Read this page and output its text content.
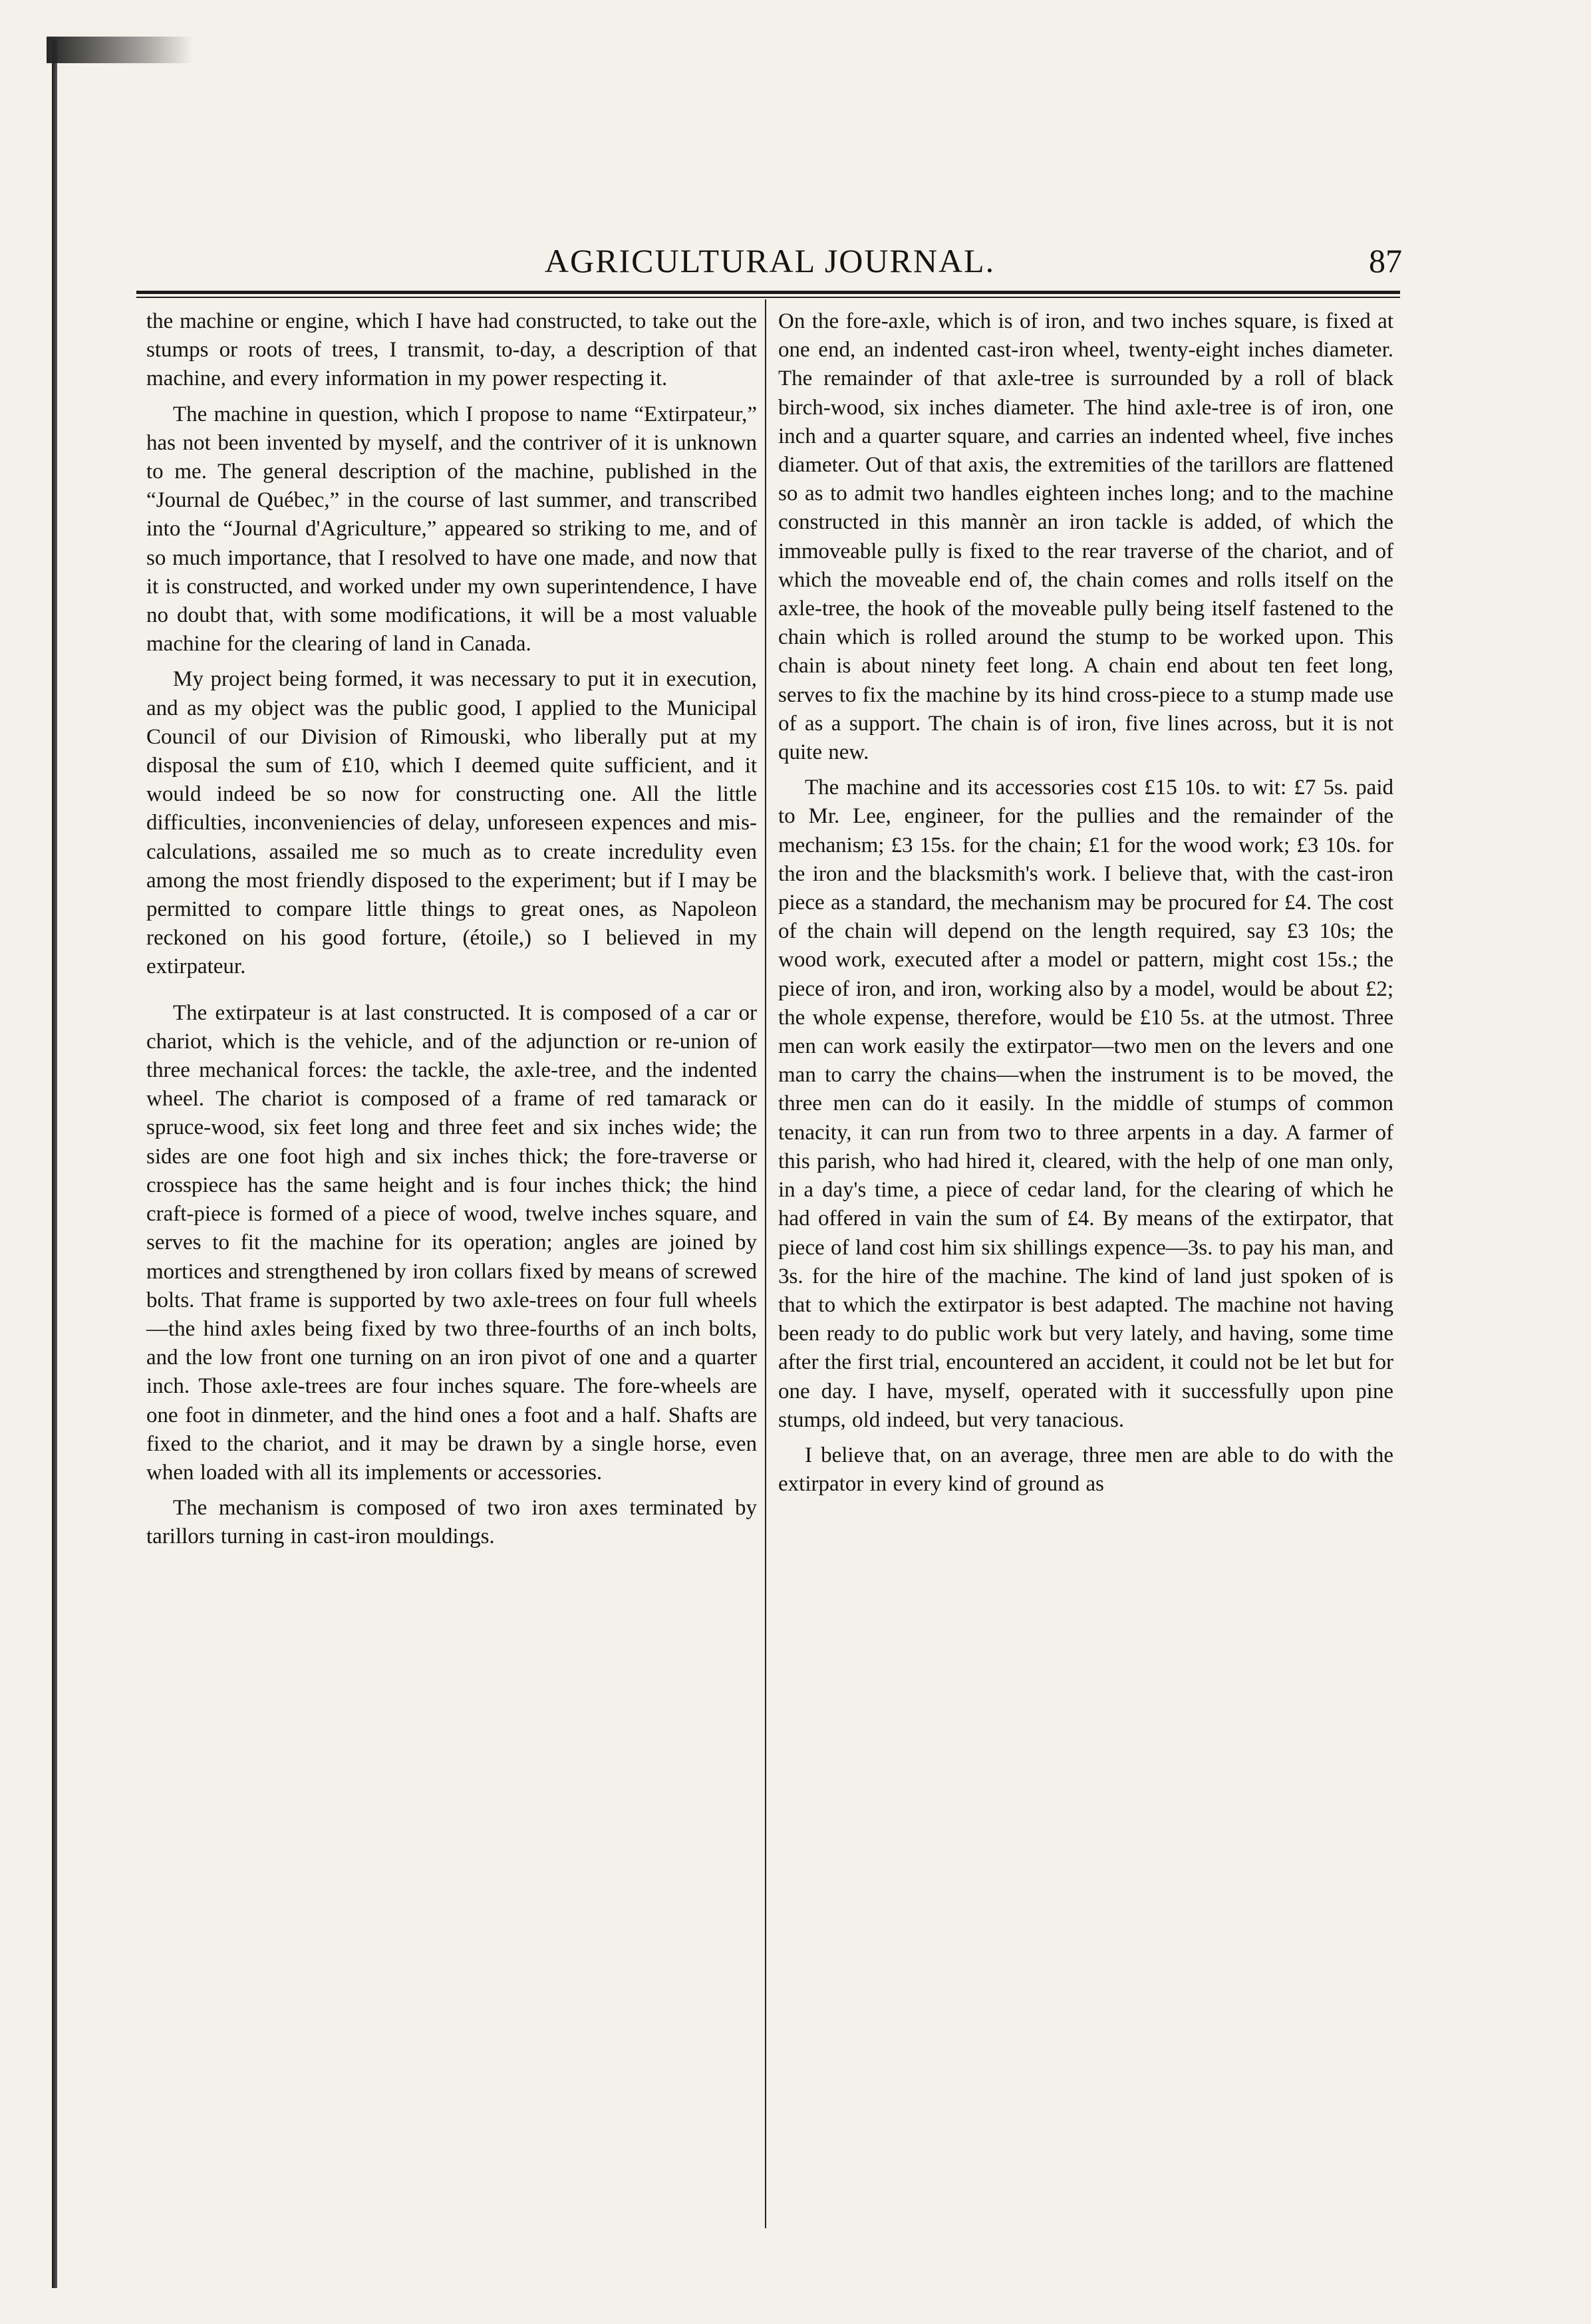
AGRICULTURAL JOURNAL.	87

the machine or engine, which I have had constructed, to take out the stumps or roots of trees, I transmit, to-day, a description of that machine, and every information in my power respecting it.

The machine in question, which I propose to name “Extirpateur,” has not been invented by myself, and the contriver of it is unknown to me. The general description of the machine, published in the “Journal de Québec,” in the course of last summer, and transcribed into the “Journal d'Agriculture,” appeared so striking to me, and of so much importance, that I resolved to have one made, and now that it is constructed, and worked under my own superintendence, I have no doubt that, with some modifications, it will be a most valuable machine for the clearing of land in Canada.

My project being formed, it was necessary to put it in execution, and as my object was the public good, I applied to the Municipal Council of our Division of Rimouski, who liberally put at my disposal the sum of £10, which I deemed quite sufficient, and it would indeed be so now for constructing one. All the little difficulties, inconveniencies of delay, unforeseen expences and mis-calculations, assailed me so much as to create incredulity even among the most friendly disposed to the experiment; but if I may be permitted to compare little things to great ones, as Napoleon reckoned on his good forture, (étoile,) so I believed in my extirpateur.

The extirpateur is at last constructed. It is composed of a car or chariot, which is the vehicle, and of the adjunction or re-union of three mechanical forces: the tackle, the axle-tree, and the indented wheel. The chariot is composed of a frame of red tamarack or spruce-wood, six feet long and three feet and six inches wide; the sides are one foot high and six inches thick; the fore-traverse or crosspiece has the same height and is four inches thick; the hind craft-piece is formed of a piece of wood, twelve inches square, and serves to fit the machine for its operation; angles are joined by mortices and strengthened by iron collars fixed by means of screwed bolts. That frame is supported by two axle-trees on four full wheels—the hind axles being fixed by two three-fourths of an inch bolts, and the low front one turning on an iron pivot of one and a quarter inch. Those axle-trees are four inches square. The fore-wheels are one foot in dinmeter, and the hind ones a foot and a half. Shafts are fixed to the chariot, and it may be drawn by a single horse, even when loaded with all its implements or accessories.

The mechanism is composed of two iron axes terminated by tarillors turning in cast-iron mouldings.

On the fore-axle, which is of iron, and two inches square, is fixed at one end, an indented cast-iron wheel, twenty-eight inches diameter. The remainder of that axle-tree is surrounded by a roll of black birch-wood, six inches diameter. The hind axle-tree is of iron, one inch and a quarter square, and carries an indented wheel, five inches diameter. Out of that axis, the extremities of the tarillors are flattened so as to admit two handles eighteen inches long; and to the machine constructed in this mannèr an iron tackle is added, of which the immoveable pully is fixed to the rear traverse of the chariot, and of which the moveable end of, the chain comes and rolls itself on the axle-tree, the hook of the moveable pully being itself fastened to the chain which is rolled around the stump to be worked upon. This chain is about ninety feet long. A chain end about ten feet long, serves to fix the machine by its hind cross-piece to a stump made use of as a support. The chain is of iron, five lines across, but it is not quite new.

The machine and its accessories cost £15 10s. to wit: £7 5s. paid to Mr. Lee, engineer, for the pullies and the remainder of the mechanism; £3 15s. for the chain; £1 for the wood work; £3 10s. for the iron and the blacksmith's work. I believe that, with the cast-iron piece as a standard, the mechanism may be procured for £4. The cost of the chain will depend on the length required, say £3 10s; the wood work, executed after a model or pattern, might cost 15s.; the piece of iron, and iron, working also by a model, would be about £2; the whole expense, therefore, would be £10 5s. at the utmost. Three men can work easily the extirpator—two men on the levers and one man to carry the chains—when the instrument is to be moved, the three men can do it easily. In the middle of stumps of common tenacity, it can run from two to three arpents in a day. A farmer of this parish, who had hired it, cleared, with the help of one man only, in a day's time, a piece of cedar land, for the clearing of which he had offered in vain the sum of £4. By means of the extirpator, that piece of land cost him six shillings expence—3s. to pay his man, and 3s. for the hire of the machine. The kind of land just spoken of is that to which the extirpator is best adapted. The machine not having been ready to do public work but very lately, and having, some time after the first trial, encountered an accident, it could not be let but for one day. I have, myself, operated with it successfully upon pine stumps, old indeed, but very tanacious.

I believe that, on an average, three men are able to do with the extirpator in every kind of ground as
